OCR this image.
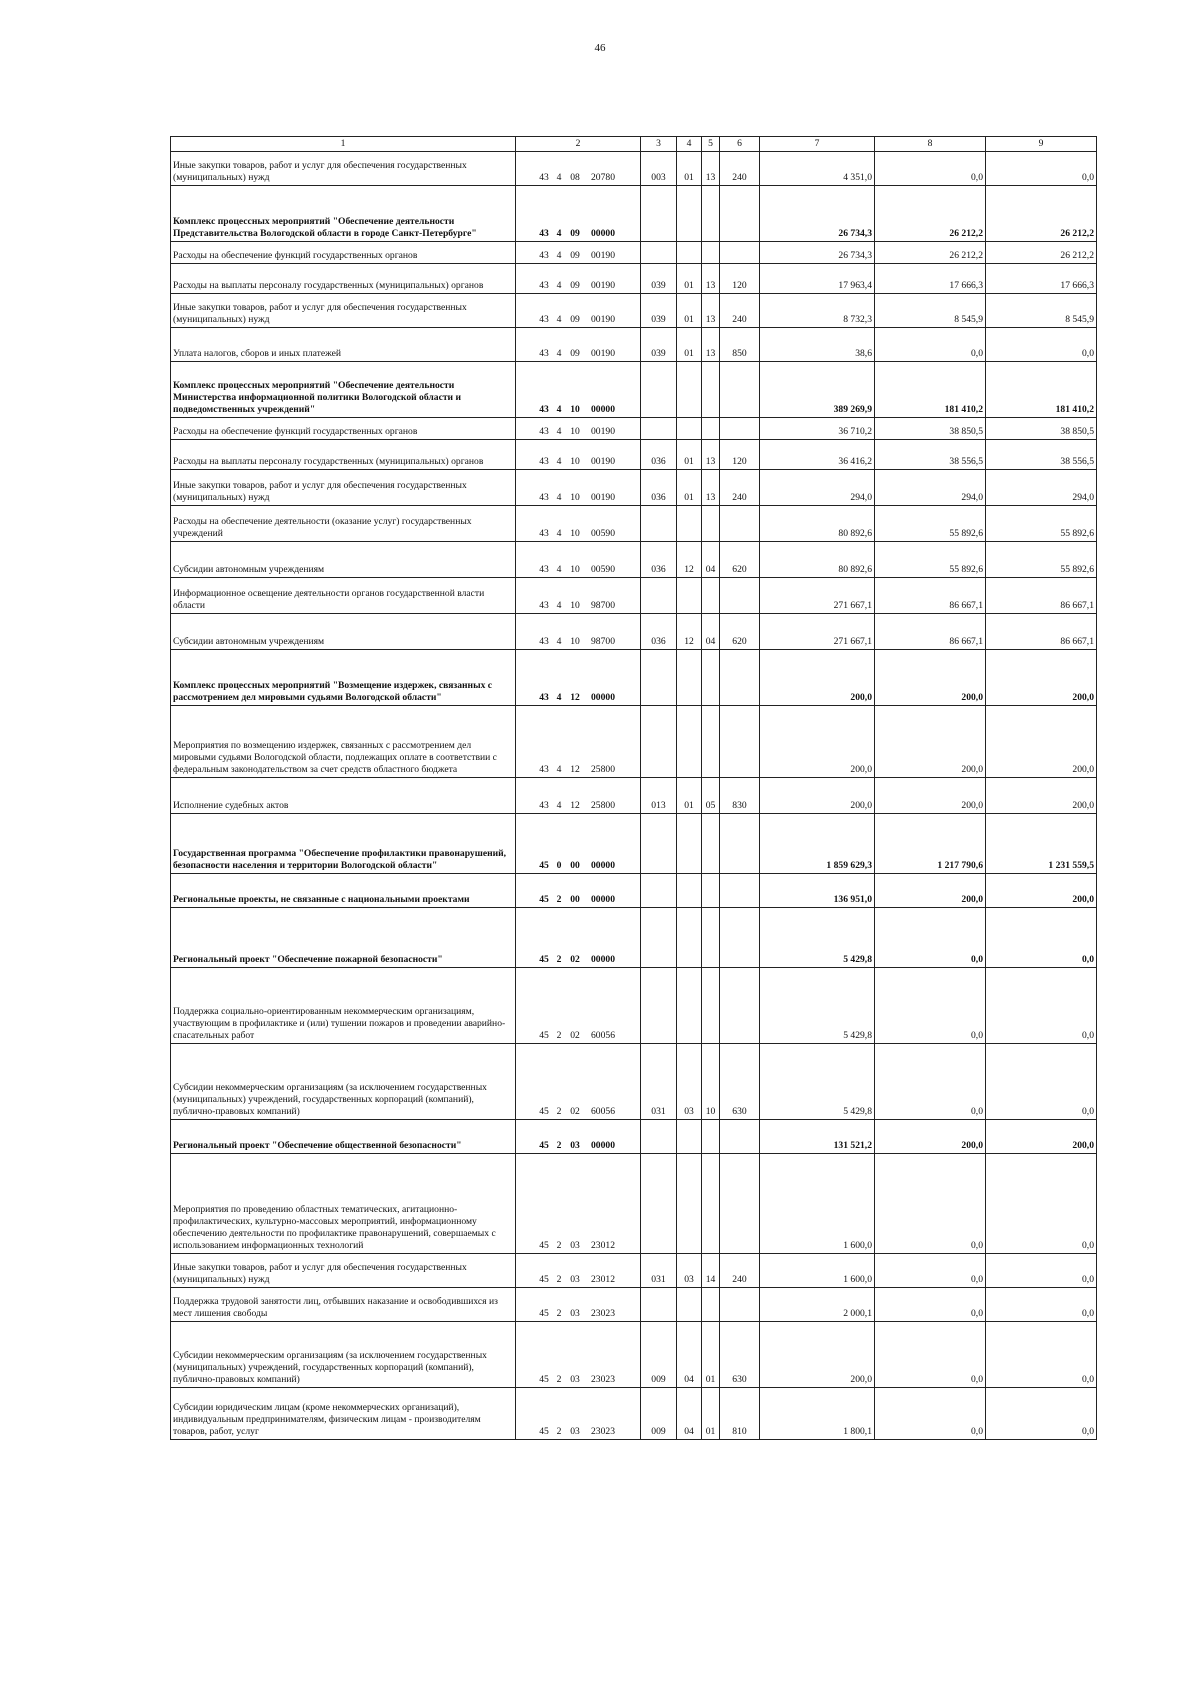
46
1	2	3	4	5	6	7	8	9
Иные закупки товаров, работ и услуг для обеспечения государственных (муниципальных) нужд	43 4 08 20780	003	01	13	240	4 351,0	0,0	0,0
Комплекс процессных мероприятий "Обеспечение деятельности Представительства Вологодской области в городе Санкт-Петербурге"	43 4 09 00000					26 734,3	26 212,2	26 212,2
Расходы на обеспечение функций государственных органов	43 4 09 00190					26 734,3	26 212,2	26 212,2
Расходы на выплаты персоналу государственных (муниципальных) органов	43 4 09 00190	039	01	13	120	17 963,4	17 666,3	17 666,3
Иные закупки товаров, работ и услуг для обеспечения государственных (муниципальных) нужд	43 4 09 00190	039	01	13	240	8 732,3	8 545,9	8 545,9
Уплата налогов, сборов и иных платежей	43 4 09 00190	039	01	13	850	38,6	0,0	0,0
Комплекс процессных мероприятий "Обеспечение деятельности Министерства информационной политики Вологодской области и подведомственных учреждений"	43 4 10 00000					389 269,9	181 410,2	181 410,2
Расходы на обеспечение функций государственных органов	43 4 10 00190					36 710,2	38 850,5	38 850,5
Расходы на выплаты персоналу государственных (муниципальных) органов	43 4 10 00190	036	01	13	120	36 416,2	38 556,5	38 556,5
Иные закупки товаров, работ и услуг для обеспечения государственных (муниципальных) нужд	43 4 10 00190	036	01	13	240	294,0	294,0	294,0
Расходы на обеспечение деятельности (оказание услуг) государственных учреждений	43 4 10 00590					80 892,6	55 892,6	55 892,6
Субсидии автономным учреждениям	43 4 10 00590	036	12	04	620	80 892,6	55 892,6	55 892,6
Информационное освещение деятельности органов государственной власти области	43 4 10 98700					271 667,1	86 667,1	86 667,1
Субсидии автономным учреждениям	43 4 10 98700	036	12	04	620	271 667,1	86 667,1	86 667,1
Комплекс процессных мероприятий "Возмещение издержек, связанных с рассмотрением дел мировыми судьями Вологодской области"	43 4 12 00000					200,0	200,0	200,0
Мероприятия по возмещению издержек, связанных с рассмотрением дел мировыми судьями Вологодской области, подлежащих оплате в соответствии с федеральным законодательством за счет средств областного бюджета	43 4 12 25800					200,0	200,0	200,0
Исполнение судебных актов	43 4 12 25800	013	01	05	830	200,0	200,0	200,0
Государственная программа "Обеспечение профилактики правонарушений, безопасности населения и территории Вологодской области"	45 0 00 00000					1 859 629,3	1 217 790,6	1 231 559,5
Региональные проекты, не связанные с национальными проектами	45 2 00 00000					136 951,0	200,0	200,0
Региональный проект "Обеспечение пожарной безопасности"	45 2 02 00000					5 429,8	0,0	0,0
Поддержка социально-ориентированным некоммерческим организациям, участвующим в профилактике и (или) тушении пожаров и проведении аварийно-спасательных работ	45 2 02 60056					5 429,8	0,0	0,0
Субсидии некоммерческим организациям (за исключением государственных (муниципальных) учреждений, государственных корпораций (компаний), публично-правовых компаний)	45 2 02 60056	031	03	10	630	5 429,8	0,0	0,0
Региональный проект "Обеспечение общественной безопасности"	45 2 03 00000					131 521,2	200,0	200,0
Мероприятия по проведению областных тематических, агитационно-профилактических, культурно-массовых мероприятий, информационному обеспечению деятельности по профилактике правонарушений, совершаемых с использованием информационных технологий	45 2 03 23012					1 600,0	0,0	0,0
Иные закупки товаров, работ и услуг для обеспечения государственных (муниципальных) нужд	45 2 03 23012	031	03	14	240	1 600,0	0,0	0,0
Поддержка трудовой занятости лиц, отбывших наказание и освободившихся из мест лишения свободы	45 2 03 23023					2 000,1	0,0	0,0
Субсидии некоммерческим организациям (за исключением государственных (муниципальных) учреждений, государственных корпораций (компаний), публично-правовых компаний)	45 2 03 23023	009	04	01	630	200,0	0,0	0,0
Субсидии юридическим лицам (кроме некоммерческих организаций), индивидуальным предпринимателям, физическим лицам - производителям товаров, работ, услуг	45 2 03 23023	009	04	01	810	1 800,1	0,0	0,0
